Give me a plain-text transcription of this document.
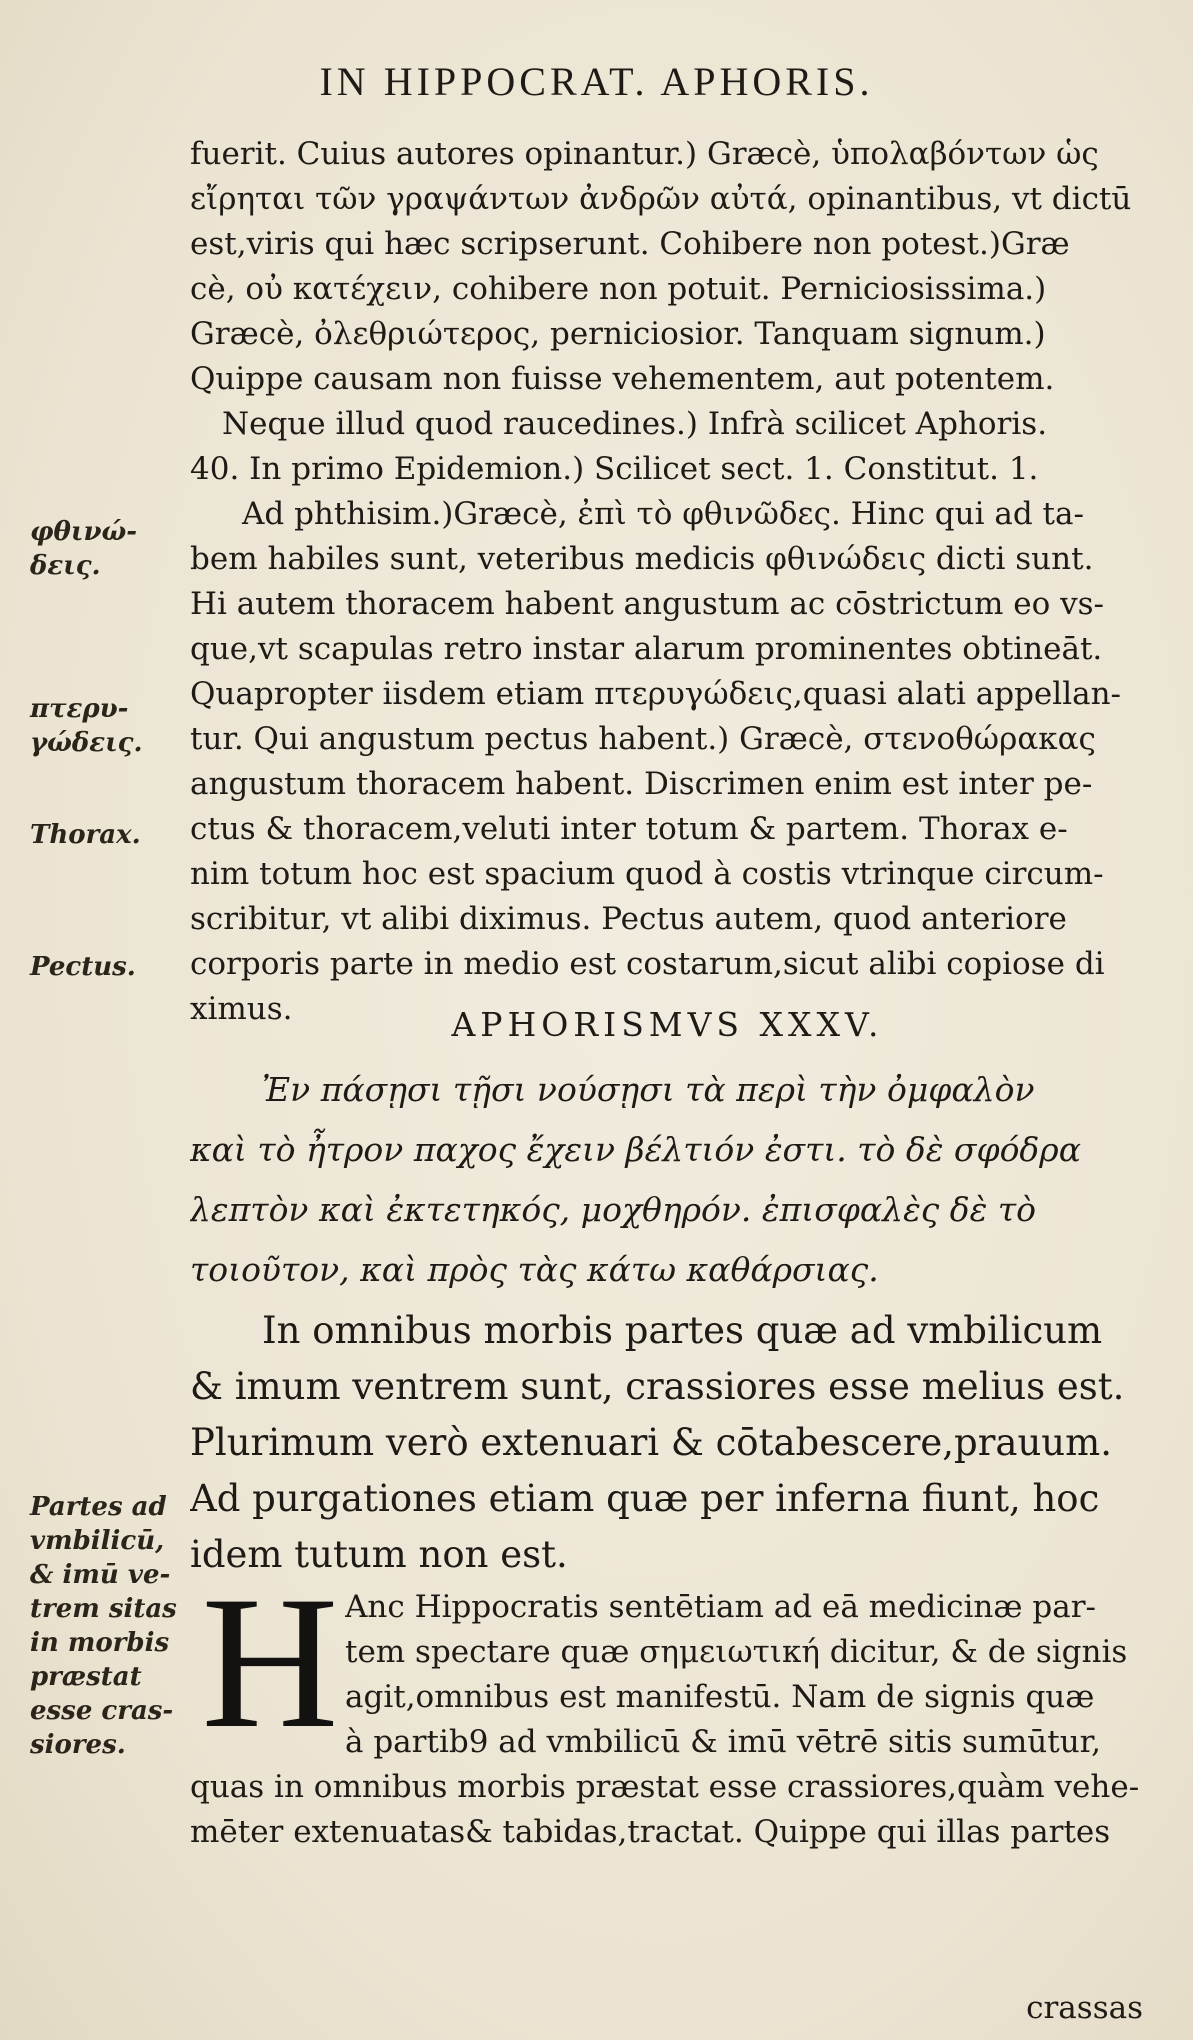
IN HIPPOCRAT. APHORIS.
fuerit. Cuius autores opinantur.) Græcè, ὑπολαβόντων ὡς
εἴρηται τῶν γραψάντων ἀνδρῶν αὐτά, opinantibus, vt dictū
est,viris qui hæc scripserunt. Cohibere non potest.)Græ
cè, οὐ κατέχειν, cohibere non potuit. Perniciosissima.)
Græcè, ὀλεθριώτερος, perniciosior. Tanquam signum.)
Quippe causam non fuisse vehementem, aut potentem.
Neque illud quod raucedines.) Infrà scilicet Aphoris.
40. In primo Epidemion.) Scilicet sect. 1. Constitut. 1.
Ad phthisim.)Græcè, ἐπὶ τὸ φθινῶδες. Hinc qui ad ta-
bem habiles sunt, veteribus medicis φθινώδεις dicti sunt.
Hi autem thoracem habent angustum ac cōstrictum eo vs-
que,vt scapulas retro instar alarum prominentes obtineāt.
Quapropter iisdem etiam πτερυγώδεις,quasi alati appellan-
tur. Qui angustum pectus habent.) Græcè, στενοθώρακας
angustum thoracem habent. Discrimen enim est inter pe-
ctus & thoracem,veluti inter totum & partem. Thorax e-
nim totum hoc est spacium quod à costis vtrinque circum-
scribitur, vt alibi diximus. Pectus autem, quod anteriore
corporis parte in medio est costarum,sicut alibi copiose di
ximus.
φθινώ-
δεις.
πτερυ-
γώδεις.
Thorax.
Pectus.
APHORISMVS XXXV.
Ἐν πάσῃσι τῇσι νούσῃσι τὰ περὶ τὴν ὀμφαλὸν
καὶ τὸ ἦτρον παχος ἔχειν βέλτιόν ἐστι. τὸ δὲ σφόδρα
λεπτὸν καὶ ἐκτετηκός, μοχθηρόν. ἐπισφαλὲς δὲ τὸ
τοιοῦτον, καὶ πρὸς τὰς κάτω καθάρσιας.
In omnibus morbis partes quæ ad vmbilicum
& imum ventrem sunt, crassiores esse melius est.
Plurimum verò extenuari & cōtabescere,prauum.
Ad purgationes etiam quæ per inferna fiunt, hoc
idem tutum non est.
Partes ad
vmbilicū,
& imū ve-
trem sitas
in morbis
præstat
esse cras-
siores. H Anc Hippocratis sentētiam ad eā medicinæ par-
tem spectare quæ σημειωτική dicitur, & de signis
agit,omnibus est manifestū. Nam de signis quæ
à partib9 ad vmbilicū & imū vētrē sitis sumūtur,
quas in omnibus morbis præstat esse crassiores,quàm vehe-
mēter extenuatas& tabidas,tractat. Quippe qui illas partes
crassas
